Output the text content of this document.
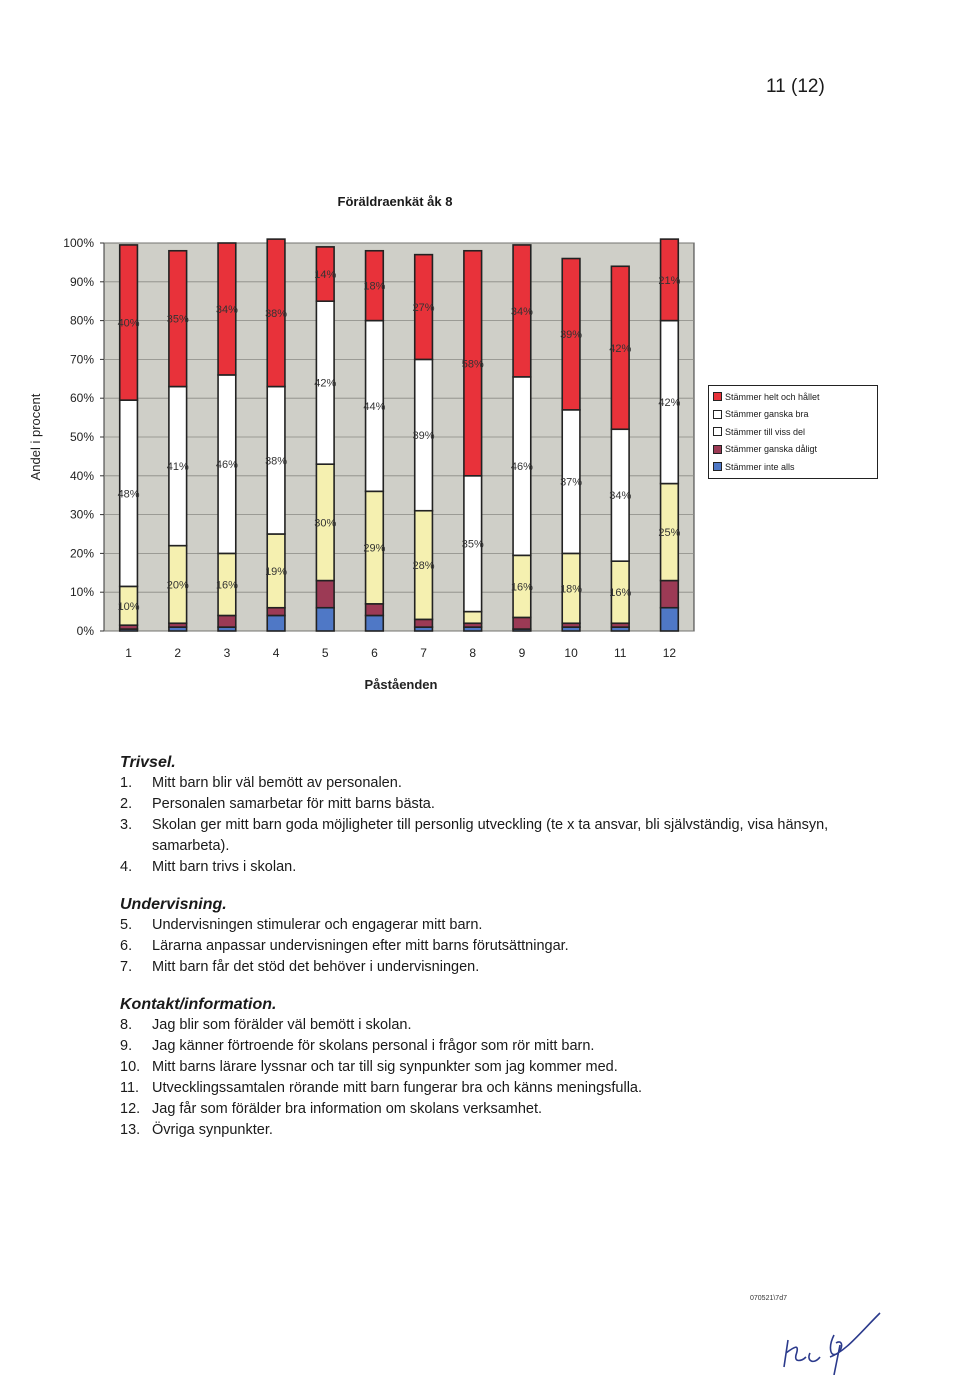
11 (12)
Föräldraenkät åk 8
0%
10%
20%
30%
40%
50%
60%
70%
80%
90%
100%
Andel i procent
10%
48%
40%
1
20%
41%
35%
2
16%
46%
34%
3
19%
38%
38%
4
30%
42%
14%
5
29%
44%
18%
6
28%
39%
27%
7
35%
58%
8
16%
46%
34%
9
18%
37%
39%
10
16%
34%
42%
11
25%
42%
21%
12
Påståenden
Stämmer helt och hållet
Stämmer ganska bra
Stämmer till viss del
Stämmer ganska dåligt
Stämmer inte alls
Trivsel.
1.	Mitt barn blir väl bemött av personalen.
2.	Personalen samarbetar för mitt barns bästa.
3.	Skolan ger mitt barn goda möjligheter till personlig utveckling (te x ta ansvar, bli självständig, visa hänsyn, samarbeta).
4.	Mitt barn trivs i skolan.
Undervisning.
5.	Undervisningen stimulerar och engagerar mitt barn.
6.	Lärarna anpassar undervisningen efter mitt barns förutsättningar.
7.	Mitt barn får det stöd det behöver i undervisningen.
Kontakt/information.
8.	Jag blir som förälder väl bemött i skolan.
9.	Jag känner förtroende för skolans personal i frågor som rör mitt barn.
10. Mitt barns lärare lyssnar och tar till sig synpunkter som jag kommer med.
11. Utvecklingssamtalen rörande mitt barn fungerar bra och känns meningsfulla.
12. Jag får som förälder bra information om skolans verksamhet.
13. Övriga synpunkter.
070521\7d7
